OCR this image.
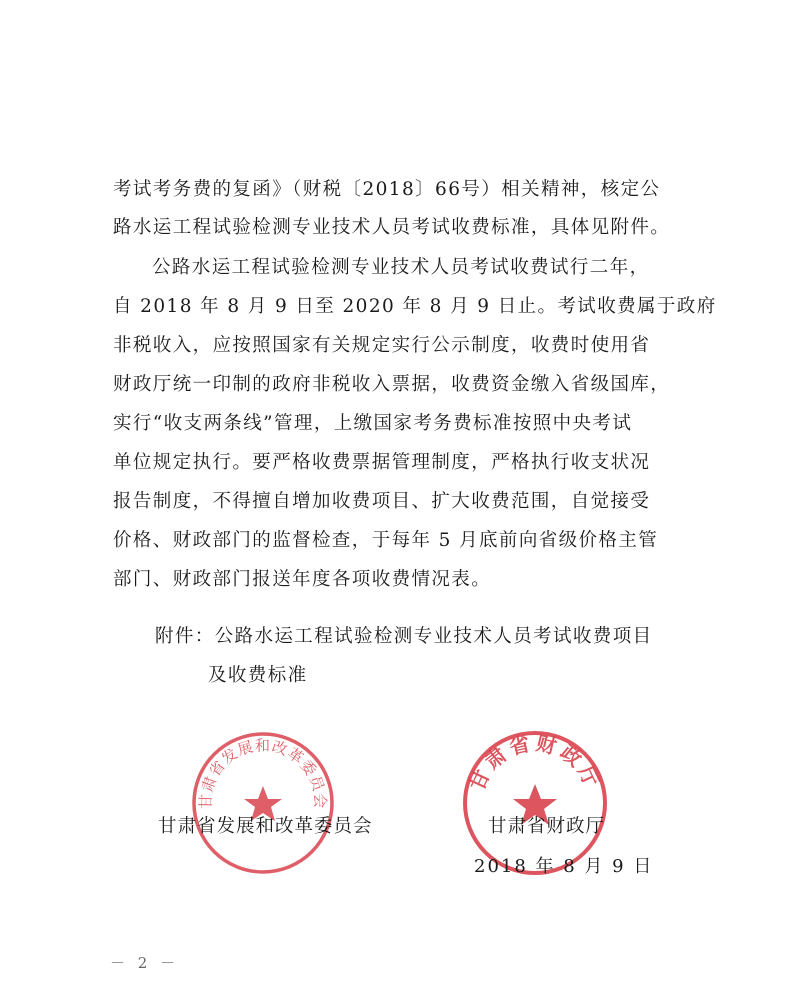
考试考务费的复函》（财税〔2018〕66号）相关精神，核定公
路水运工程试验检测专业技术人员考试收费标准，具体见附件。
公路水运工程试验检测专业技术人员考试收费试行二年，
自 2018 年 8 月 9 日至 2020 年 8 月 9 日止。考试收费属于政府
非税收入，应按照国家有关规定实行公示制度，收费时使用省
财政厅统一印制的政府非税收入票据，收费资金缴入省级国库，
实行“收支两条线”管理，上缴国家考务费标准按照中央考试
单位规定执行。要严格收费票据管理制度，严格执行收支状况
报告制度，不得擅自增加收费项目、扩大收费范围，自觉接受
价格、财政部门的监督检查，于每年 5 月底前向省级价格主管
部门、财政部门报送年度各项收费情况表。
附件：公路水运工程试验检测专业技术人员考试收费项目
及收费标准
甘肃省发展和改革委员会
甘肃省财政厅
甘肃省发展和改革委员会	甘肃省财政厅
2018 年 8 月 9 日
－ 2 －
